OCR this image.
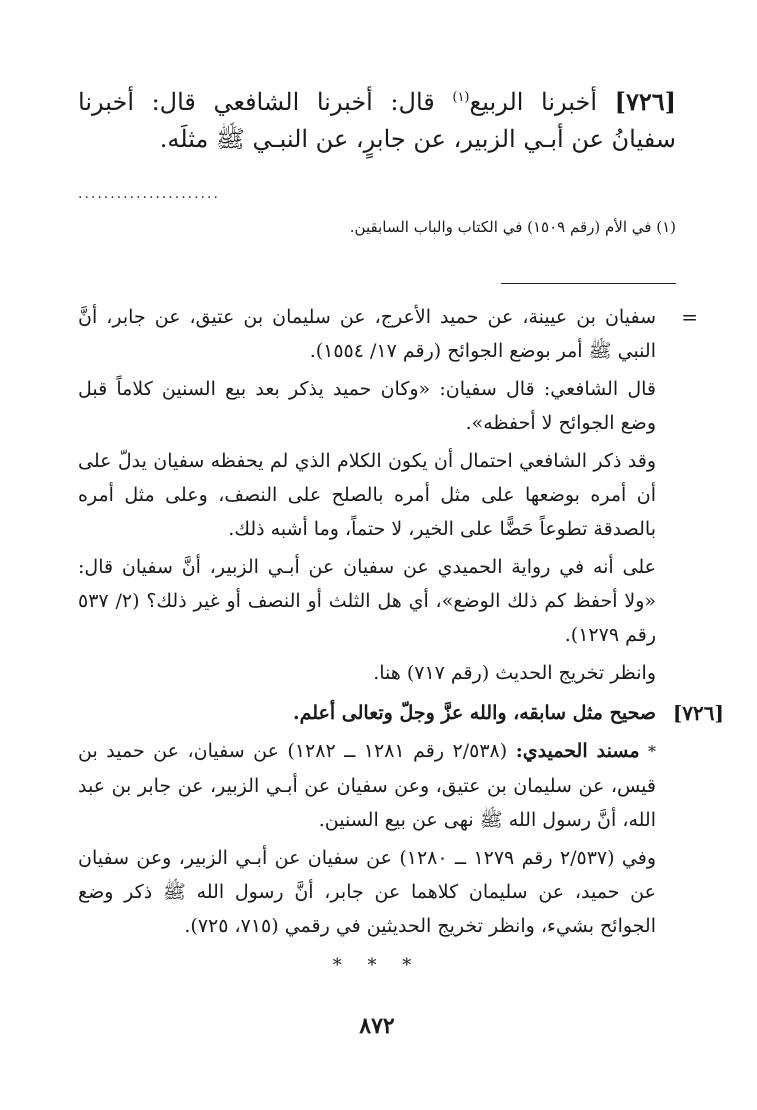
[٧٢٦] أخبرنا الربيع$^{(١)}$ قال: أخبرنا الشافعي قال: أخبرنا سفيانُ عن أبـي الزبير، عن جابرٍ، عن النبـي ﷺ مثلَه.

......................
(١) في الأم (رقم ١٥٠٩) في الكتاب والباب السابقين.
=

سفيان بن عيينة، عن حميد الأعرج، عن سليمان بن عتيق، عن جابر، أنَّ النبي ﷺ أمر بوضع الجوائح (رقم ١٧/ ١٥٥٤).

قال الشافعي: قال سفيان: «وكان حميد يذكر بعد بيع السنين كلاماً قبل وضع الجوائح لا أحفظه».

وقد ذكر الشافعي احتمال أن يكون الكلام الذي لم يحفظه سفيان يدلّ على أن أمره بوضعها على مثل أمره بالصلح على النصف، وعلى مثل أمره بالصدقة تطوعاً حَضًّا على الخير، لا حتماً، وما أشبه ذلك.

على أنه في رواية الحميدي عن سفيان عن أبـي الزبير، أنَّ سفيان قال: «ولا أحفظ كم ذلك الوضع»، أي هل الثلث أو النصف أو غير ذلك؟ (٢/ ٥٣٧ رقم ١٢٧٩).

وانظر تخريج الحديث (رقم ٧١٧) هنا.

[٧٢٦]

صحيح مثل سابقه، والله عزَّ وجلّ وتعالى أعلم.

* مسند الحميدي: (٢/٥٣٨ رقم ١٢٨١ ــ ١٢٨٢) عن سفيان، عن حميد بن قيس، عن سليمان بن عتيق، وعن سفيان عن أبـي الزبير، عن جابر بن عبد الله، أنَّ رسول الله ﷺ نهى عن بيع السنين.

وفي (٢/٥٣٧ رقم ١٢٧٩ ــ ١٢٨٠) عن سفيان عن أبـي الزبير، وعن سفيان عن حميد، عن سليمان كلاهما عن جابر، أنَّ رسول الله ﷺ ذكر وضع الجوائح بشيء، وانظر تخريج الحديثين في رقمي (٧١٥، ٧٢٥).

* * *
٨٧٢
